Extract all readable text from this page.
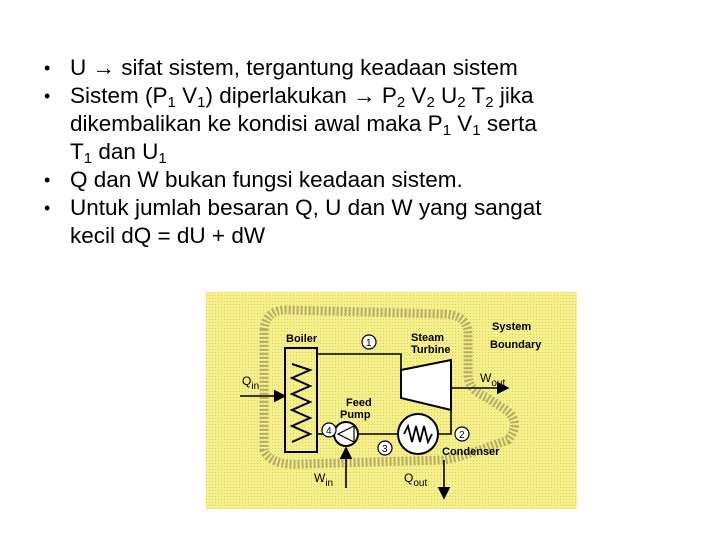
• U → sifat sistem, tergantung keadaan sistem
• Sistem ($P_1$ $V_1$) diperlakukan → $P_2$ $V_2$ $U_2$ $T_2$ jika
dikembalikan ke kondisi awal maka $P_1$ $V_1$ serta
$T_1$ dan $U_1$
• Q dan W bukan fungsi keadaan sistem.
• Untuk jumlah besaran Q, U dan W yang sangat
kecil dQ = dU + dW
Boiler	Steam
Turbine
1
System
Boundary
$W_{out}$
$Q_{in}$
Feed
Pump
4
$W_{in}$
Condenser
2
3
$Q_{out}$
